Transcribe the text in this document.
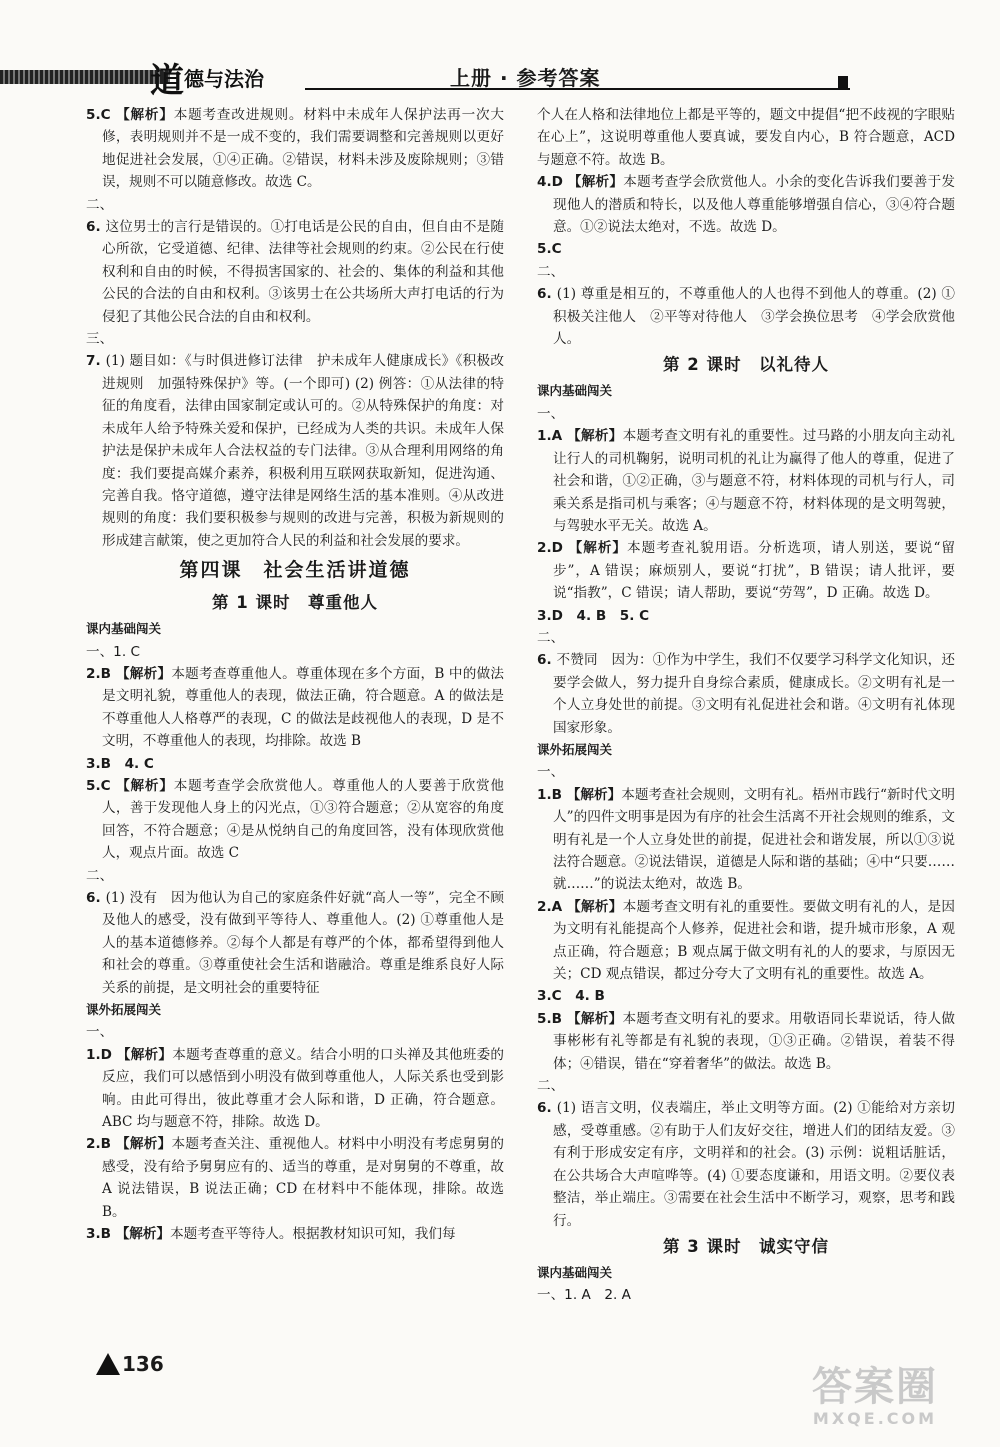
道 德与法治	上册 · 参考答案

5.C 【解析】本题考查改进规则。材料中未成年人保护法再一次大修，表明规则并不是一成不变的，我们需要调整和完善规则以更好地促进社会发展，①④正确。②错误，材料未涉及废除规则；③错误，规则不可以随意修改。故选 C。

二、

6. 这位男士的言行是错误的。①打电话是公民的自由，但自由不是随心所欲，它受道德、纪律、法律等社会规则的约束。②公民在行使权利和自由的时候，不得损害国家的、社会的、集体的利益和其他公民的合法的自由和权利。③该男士在公共场所大声打电话的行为侵犯了其他公民合法的自由和权利。

三、

7. (1) 题目如：《与时俱进修订法律　护未成年人健康成长》《积极改进规则　加强特殊保护》等。(一个即可) (2) 例答：①从法律的特征的角度看，法律由国家制定或认可的。②从特殊保护的角度：对未成年人给予特殊关爱和保护，已经成为人类的共识。未成年人保护法是保护未成年人合法权益的专门法律。③从合理利用网络的角度：我们要提高媒介素养，积极利用互联网获取新知，促进沟通、完善自我。恪守道德，遵守法律是网络生活的基本准则。④从改进规则的角度：我们要积极参与规则的改进与完善，积极为新规则的形成建言献策，使之更加符合人民的利益和社会发展的要求。

第四课　社会生活讲道德

第 1 课时　尊重他人

课内基础闯关

一、1. C

2.B 【解析】本题考查尊重他人。尊重体现在多个方面，B 中的做法是文明礼貌，尊重他人的表现，做法正确，符合题意。A 的做法是不尊重他人人格尊严的表现，C 的做法是歧视他人的表现，D 是不文明，不尊重他人的表现，均排除。故选 B

3.B　4. C

5.C 【解析】本题考查学会欣赏他人。尊重他人的人要善于欣赏他人，善于发现他人身上的闪光点，①③符合题意；②从宽容的角度回答，不符合题意；④是从悦纳自己的角度回答，没有体现欣赏他人，观点片面。故选 C

二、

6. (1) 没有　因为他认为自己的家庭条件好就“高人一等”，完全不顾及他人的感受，没有做到平等待人、尊重他人。(2) ①尊重他人是人的基本道德修养。②每个人都是有尊严的个体，都希望得到他人和社会的尊重。③尊重使社会生活和谐融洽。尊重是维系良好人际关系的前提，是文明社会的重要特征

课外拓展闯关

一、

1.D 【解析】本题考查尊重的意义。结合小明的口头禅及其他班委的反应，我们可以感悟到小明没有做到尊重他人，人际关系也受到影响。由此可得出，彼此尊重才会人际和谐，D 正确，符合题意。ABC 均与题意不符，排除。故选 D。

2.B 【解析】本题考查关注、重视他人。材料中小明没有考虑舅舅的感受，没有给予舅舅应有的、适当的尊重，是对舅舅的不尊重，故 A 说法错误，B 说法正确；CD 在材料中不能体现，排除。故选 B。

3.B 【解析】本题考查平等待人。根据教材知识可知，我们每

个人在人格和法律地位上都是平等的，题文中提倡“把不歧视的字眼贴在心上”，这说明尊重他人要真诚，要发自内心，B 符合题意，ACD 与题意不符。故选 B。

4.D 【解析】本题考查学会欣赏他人。小余的变化告诉我们要善于发现他人的潜质和特长，以及他人尊重能够增强自信心，③④符合题意。①②说法太绝对，不选。故选 D。

5.C

二、

6. (1) 尊重是相互的，不尊重他人的人也得不到他人的尊重。(2) ①积极关注他人　②平等对待他人　③学会换位思考　④学会欣赏他人。

第 2 课时　以礼待人

课内基础闯关

一、

1.A 【解析】本题考查文明有礼的重要性。过马路的小朋友向主动礼让行人的司机鞠躬，说明司机的礼让为赢得了他人的尊重，促进了社会和谐，①②正确，③与题意不符，材料体现的司机与行人，司乘关系是指司机与乘客；④与题意不符，材料体现的是文明驾驶，与驾驶水平无关。故选 A。

2.D 【解析】本题考查礼貌用语。分析选项，请人别送，要说“留步”，A 错误；麻烦别人，要说“打扰”，B 错误；请人批评，要说“指教”，C 错误；请人帮助，要说“劳驾”，D 正确。故选 D。

3.D　4. B　5. C

二、

6. 不赞同　因为：①作为中学生，我们不仅要学习科学文化知识，还要学会做人，努力提升自身综合素质，健康成长。②文明有礼是一个人立身处世的前提。③文明有礼促进社会和谐。④文明有礼体现国家形象。

课外拓展闯关

一、

1.B 【解析】本题考查社会规则，文明有礼。梧州市践行“新时代文明人”的四件文明事是因为有序的社会生活离不开社会规则的维系，文明有礼是一个人立身处世的前提，促进社会和谐发展，所以①③说法符合题意。②说法错误，道德是人际和谐的基础；④中“只要……就……”的说法太绝对，故选 B。

2.A 【解析】本题考查文明有礼的重要性。要做文明有礼的人，是因为文明有礼能提高个人修养，促进社会和谐，提升城市形象，A 观点正确，符合题意；B 观点属于做文明有礼的人的要求，与原因无关；CD 观点错误，都过分夸大了文明有礼的重要性。故选 A。

3.C　4. B

5.B 【解析】本题考查文明有礼的要求。用敬语同长辈说话，待人做事彬彬有礼等都是有礼貌的表现，①③正确。②错误，着装不得体；④错误，错在“穿着奢华”的做法。故选 B。

二、

6. (1) 语言文明，仪表端庄，举止文明等方面。(2) ①能给对方亲切感，受尊重感。②有助于人们友好交往，增进人们的团结友爱。③有利于形成安定有序，文明祥和的社会。(3) 示例：说粗话脏话，在公共场合大声喧哗等。(4) ①要态度谦和，用语文明。②要仪表整洁，举止端庄。③需要在社会生活中不断学习，观察，思考和践行。

第 3 课时　诚实守信

课内基础闯关

一、1. A　2. A

136	答案圈
MXQE.COM
